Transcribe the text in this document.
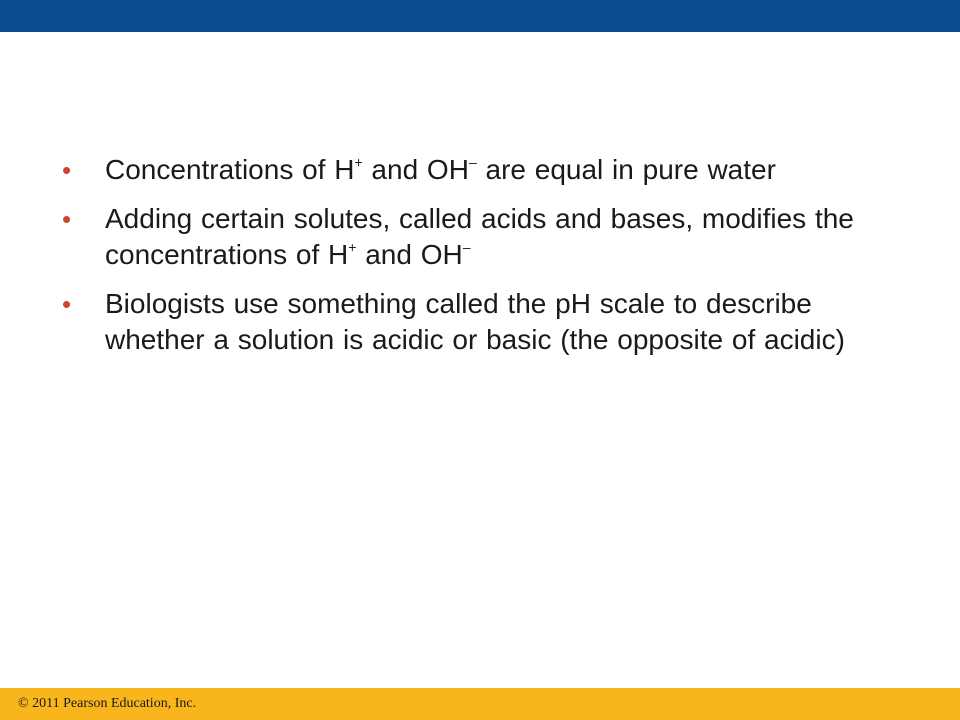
• Concentrations of H+ and OH– are equal in pure water
• Adding certain solutes, called acids and bases, modifies the concentrations of H+ and OH–
• Biologists use something called the pH scale to describe whether a solution is acidic or basic (the opposite of acidic)
© 2011 Pearson Education, Inc.
